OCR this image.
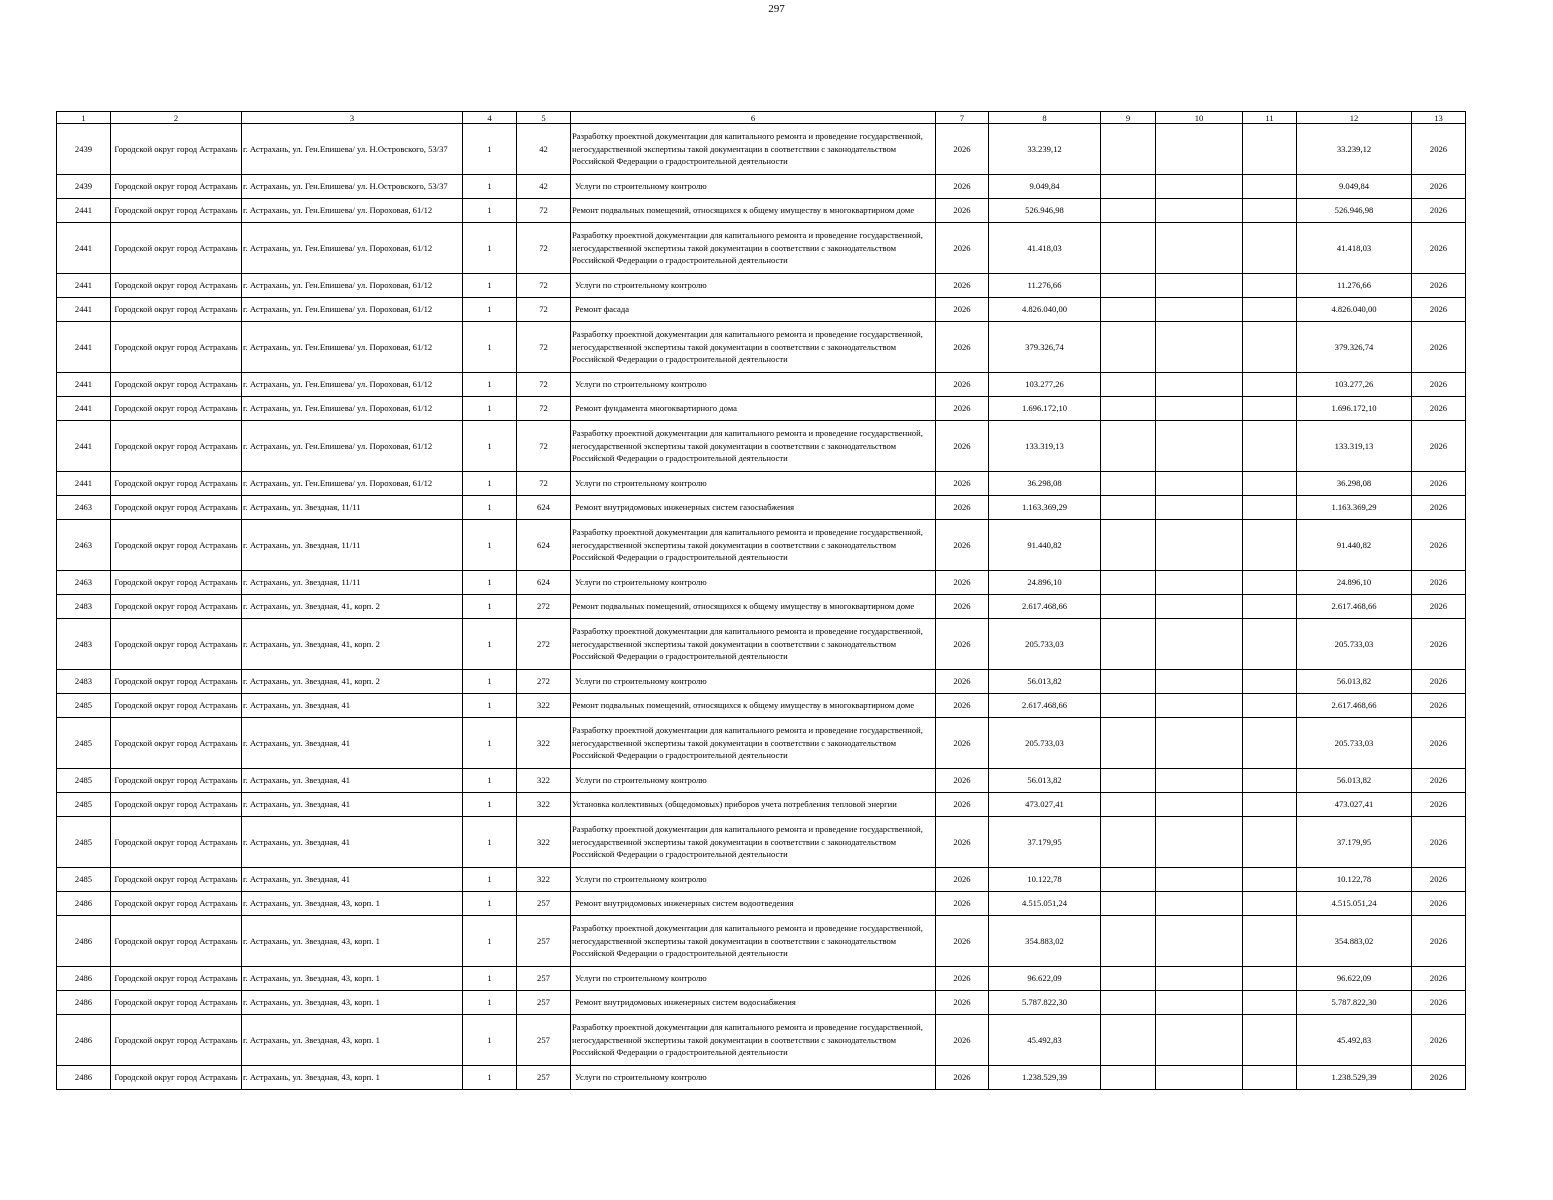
297
1	2	3	4	5	6	7	8	9	10	11	12	13
2439	Городской округ город Астрахань	г. Астрахань, ул. Ген.Епишева/ ул. Н.Островского, 53/37	1	42	Разработку проектной документации для капитального ремонта и проведение государственной, негосударственной экспертизы такой документации в соответствии с законодательством Российской Федерации о градостроительной деятельности	2026	33.239,12				33.239,12	2026
2439	Городской округ город Астрахань	г. Астрахань, ул. Ген.Епишева/ ул. Н.Островского, 53/37	1	42	Услуги по строительному контролю	2026	9.049,84				9.049,84	2026
2441	Городской округ город Астрахань	г. Астрахань, ул. Ген.Епишева/ ул. Пороховая, 61/12	1	72	Ремонт подвальных помещений, относящихся к общему имуществу в многоквартирном доме	2026	526.946,98				526.946,98	2026
2441	Городской округ город Астрахань	г. Астрахань, ул. Ген.Епишева/ ул. Пороховая, 61/12	1	72	Разработку проектной документации для капитального ремонта и проведение государственной, негосударственной экспертизы такой документации в соответствии с законодательством Российской Федерации о градостроительной деятельности	2026	41.418,03				41.418,03	2026
2441	Городской округ город Астрахань	г. Астрахань, ул. Ген.Епишева/ ул. Пороховая, 61/12	1	72	Услуги по строительному контролю	2026	11.276,66				11.276,66	2026
2441	Городской округ город Астрахань	г. Астрахань, ул. Ген.Епишева/ ул. Пороховая, 61/12	1	72	Ремонт фасада	2026	4.826.040,00				4.826.040,00	2026
2441	Городской округ город Астрахань	г. Астрахань, ул. Ген.Епишева/ ул. Пороховая, 61/12	1	72	Разработку проектной документации для капитального ремонта и проведение государственной, негосударственной экспертизы такой документации в соответствии с законодательством Российской Федерации о градостроительной деятельности	2026	379.326,74				379.326,74	2026
2441	Городской округ город Астрахань	г. Астрахань, ул. Ген.Епишева/ ул. Пороховая, 61/12	1	72	Услуги по строительному контролю	2026	103.277,26				103.277,26	2026
2441	Городской округ город Астрахань	г. Астрахань, ул. Ген.Епишева/ ул. Пороховая, 61/12	1	72	Ремонт фундамента многоквартирного дома	2026	1.696.172,10				1.696.172,10	2026
2441	Городской округ город Астрахань	г. Астрахань, ул. Ген.Епишева/ ул. Пороховая, 61/12	1	72	Разработку проектной документации для капитального ремонта и проведение государственной, негосударственной экспертизы такой документации в соответствии с законодательством Российской Федерации о градостроительной деятельности	2026	133.319,13				133.319,13	2026
2441	Городской округ город Астрахань	г. Астрахань, ул. Ген.Епишева/ ул. Пороховая, 61/12	1	72	Услуги по строительному контролю	2026	36.298,08				36.298,08	2026
2463	Городской округ город Астрахань	г. Астрахань, ул. Звездная, 11/11	1	624	Ремонт внутридомовых инженерных систем газоснабжения	2026	1.163.369,29				1.163.369,29	2026
2463	Городской округ город Астрахань	г. Астрахань, ул. Звездная, 11/11	1	624	Разработку проектной документации для капитального ремонта и проведение государственной, негосударственной экспертизы такой документации в соответствии с законодательством Российской Федерации о градостроительной деятельности	2026	91.440,82				91.440,82	2026
2463	Городской округ город Астрахань	г. Астрахань, ул. Звездная, 11/11	1	624	Услуги по строительному контролю	2026	24.896,10				24.896,10	2026
2483	Городской округ город Астрахань	г. Астрахань, ул. Звездная, 41, корп. 2	1	272	Ремонт подвальных помещений, относящихся к общему имуществу в многоквартирном доме	2026	2.617.468,66				2.617.468,66	2026
2483	Городской округ город Астрахань	г. Астрахань, ул. Звездная, 41, корп. 2	1	272	Разработку проектной документации для капитального ремонта и проведение государственной, негосударственной экспертизы такой документации в соответствии с законодательством Российской Федерации о градостроительной деятельности	2026	205.733,03				205.733,03	2026
2483	Городской округ город Астрахань	г. Астрахань, ул. Звездная, 41, корп. 2	1	272	Услуги по строительному контролю	2026	56.013,82				56.013,82	2026
2485	Городской округ город Астрахань	г. Астрахань, ул. Звездная, 41	1	322	Ремонт подвальных помещений, относящихся к общему имуществу в многоквартирном доме	2026	2.617.468,66				2.617.468,66	2026
2485	Городской округ город Астрахань	г. Астрахань, ул. Звездная, 41	1	322	Разработку проектной документации для капитального ремонта и проведение государственной, негосударственной экспертизы такой документации в соответствии с законодательством Российской Федерации о градостроительной деятельности	2026	205.733,03				205.733,03	2026
2485	Городской округ город Астрахань	г. Астрахань, ул. Звездная, 41	1	322	Услуги по строительному контролю	2026	56.013,82				56.013,82	2026
2485	Городской округ город Астрахань	г. Астрахань, ул. Звездная, 41	1	322	Установка коллективных (общедомовых) приборов учета потребления тепловой энергии	2026	473.027,41				473.027,41	2026
2485	Городской округ город Астрахань	г. Астрахань, ул. Звездная, 41	1	322	Разработку проектной документации для капитального ремонта и проведение государственной, негосударственной экспертизы такой документации в соответствии с законодательством Российской Федерации о градостроительной деятельности	2026	37.179,95				37.179,95	2026
2485	Городской округ город Астрахань	г. Астрахань, ул. Звездная, 41	1	322	Услуги по строительному контролю	2026	10.122,78				10.122,78	2026
2486	Городской округ город Астрахань	г. Астрахань, ул. Звездная, 43, корп. 1	1	257	Ремонт внутридомовых инженерных систем водоотведения	2026	4.515.051,24				4.515.051,24	2026
2486	Городской округ город Астрахань	г. Астрахань, ул. Звездная, 43, корп. 1	1	257	Разработку проектной документации для капитального ремонта и проведение государственной, негосударственной экспертизы такой документации в соответствии с законодательством Российской Федерации о градостроительной деятельности	2026	354.883,02				354.883,02	2026
2486	Городской округ город Астрахань	г. Астрахань, ул. Звездная, 43, корп. 1	1	257	Услуги по строительному контролю	2026	96.622,09				96.622,09	2026
2486	Городской округ город Астрахань	г. Астрахань, ул. Звездная, 43, корп. 1	1	257	Ремонт внутридомовых инженерных систем водоснабжения	2026	5.787.822,30				5.787.822,30	2026
2486	Городской округ город Астрахань	г. Астрахань, ул. Звездная, 43, корп. 1	1	257	Разработку проектной документации для капитального ремонта и проведение государственной, негосударственной экспертизы такой документации в соответствии с законодательством Российской Федерации о градостроительной деятельности	2026	45.492,83				45.492,83	2026
2486	Городской округ город Астрахань	г. Астрахань, ул. Звездная, 43, корп. 1	1	257	Услуги по строительному контролю	2026	1.238.529,39				1.238.529,39	2026
